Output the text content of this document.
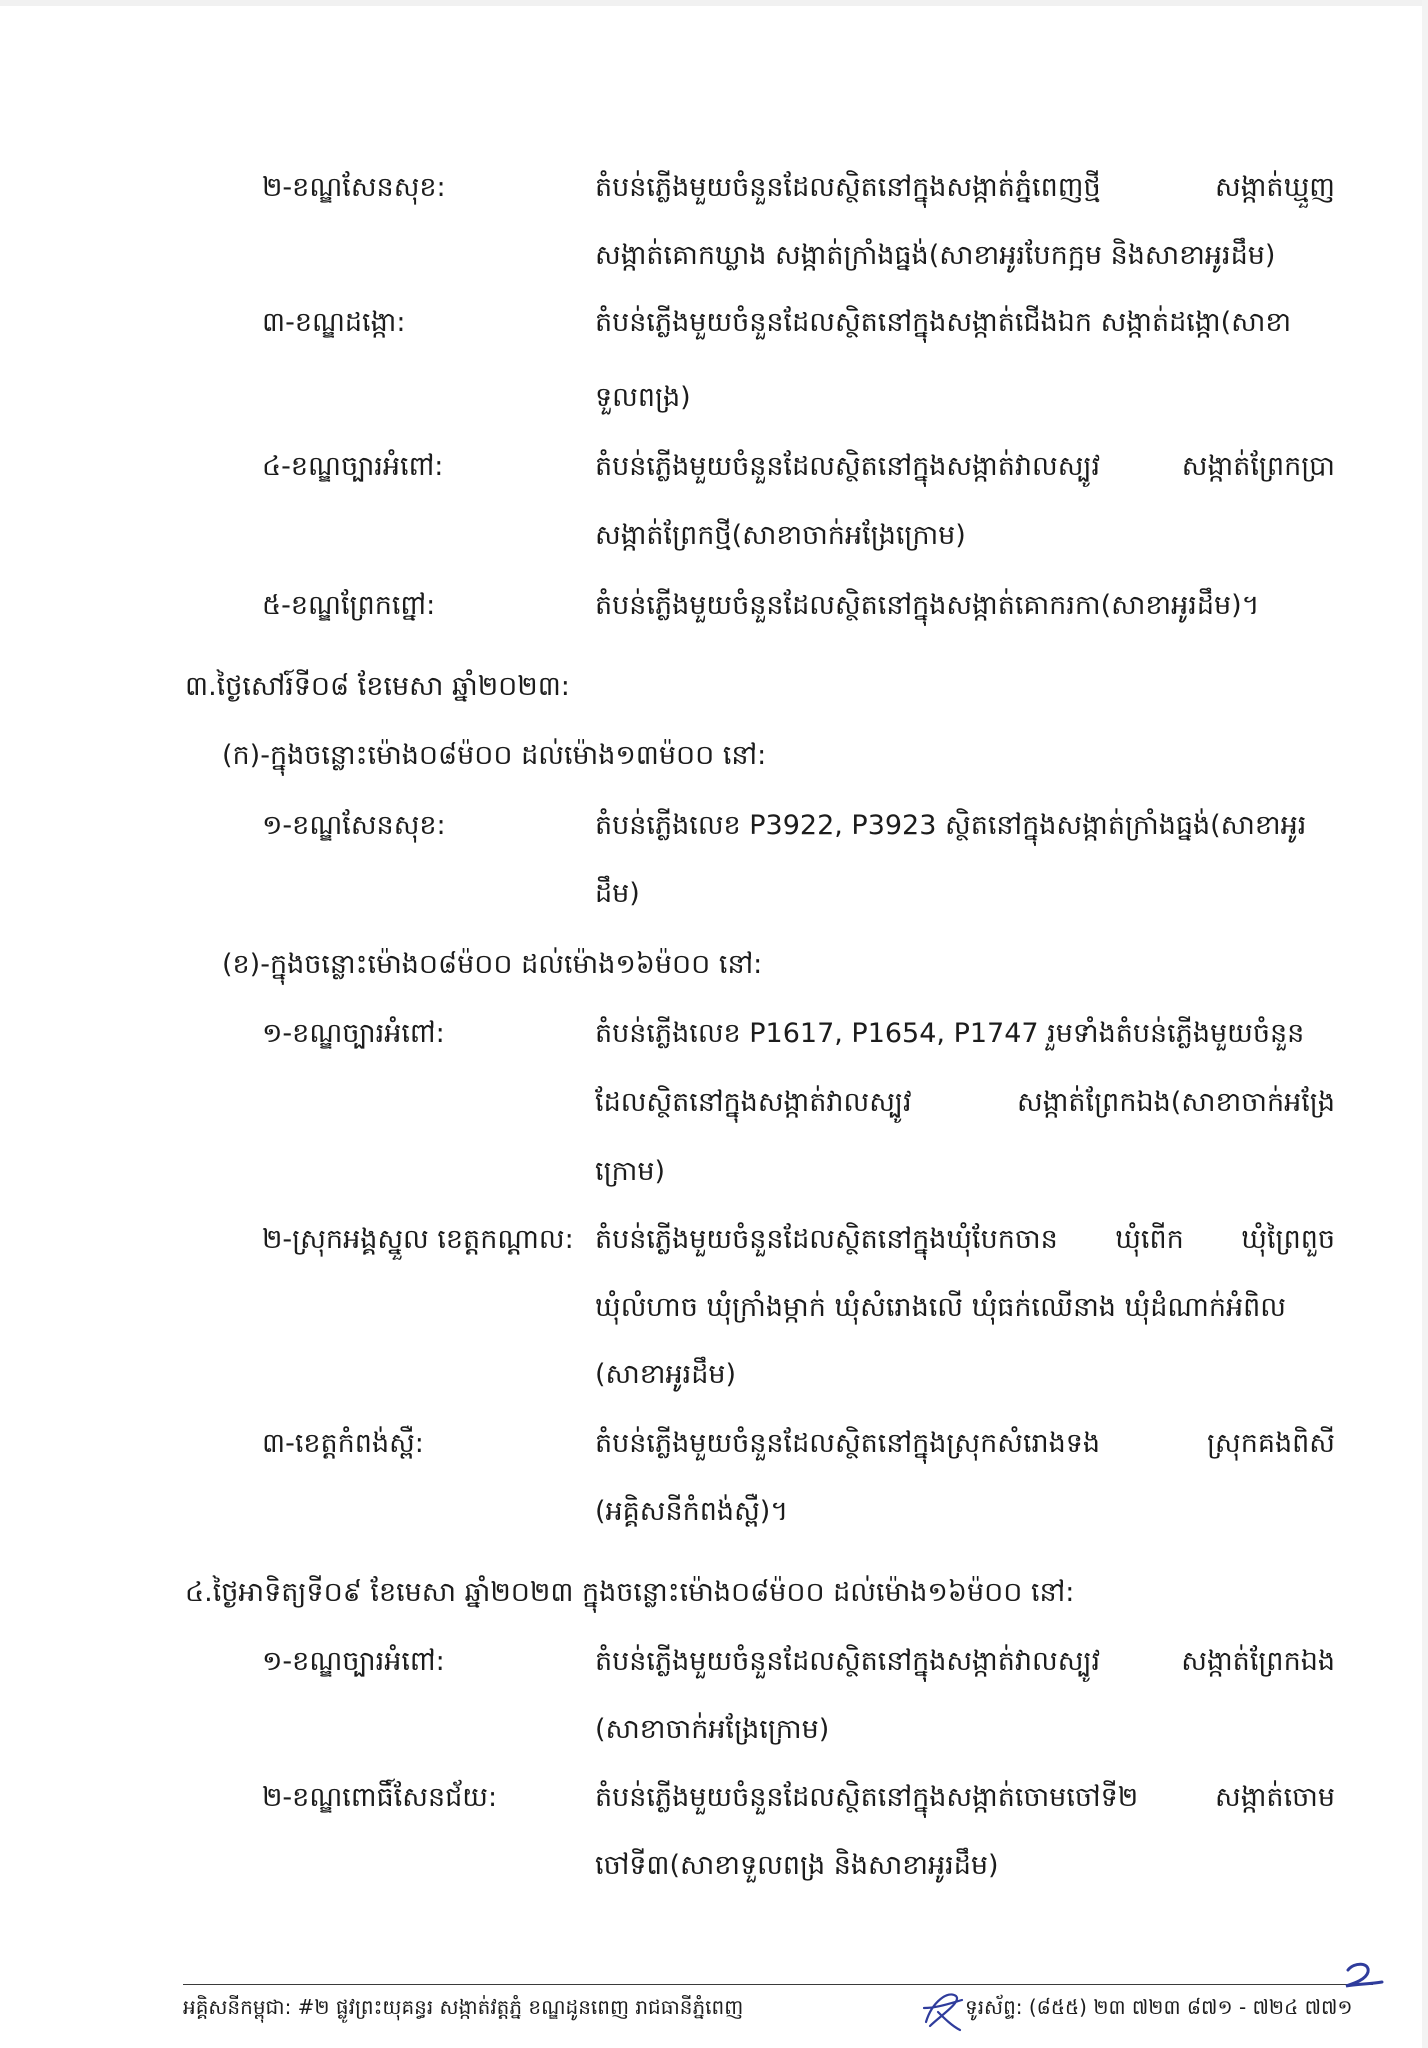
២-ខណ្ឌសែនសុខ:	តំបន់ភ្លើងមួយចំនួនដែលស្ថិតនៅក្នុងសង្កាត់ភ្នំពេញថ្មី	សង្កាត់ឃ្មួញ
សង្កាត់គោកឃ្លាង សង្កាត់ក្រាំងធ្នង់(សាខាអូរបែកក្អម និងសាខាអូរដឹម)
៣-ខណ្ឌដង្កោ:	តំបន់ភ្លើងមួយចំនួនដែលស្ថិតនៅក្នុងសង្កាត់ជើងឯក សង្កាត់ដង្កោ(សាខា
ទួលពង្រ)
៤-ខណ្ឌច្បារអំពៅ:	តំបន់ភ្លើងមួយចំនួនដែលស្ថិតនៅក្នុងសង្កាត់វាលស្បូវ	សង្កាត់ព្រែកប្រា
សង្កាត់ព្រែកថ្មី(សាខាចាក់អង្រែក្រោម)
៥-ខណ្ឌព្រែកព្នៅ:	តំបន់ភ្លើងមួយចំនួនដែលស្ថិតនៅក្នុងសង្កាត់គោករកា(សាខាអូរដឹម)។
៣.ថ្ងៃសៅរ៍ទី០៨ ខែមេសា ឆ្នាំ២០២៣:
(ក)-ក្នុងចន្លោះម៉ោង០៨ម៉០០ ដល់ម៉ោង១៣ម៉០០ នៅ:
១-ខណ្ឌសែនសុខ:	តំបន់ភ្លើងលេខ P3922, P3923 ស្ថិតនៅក្នុងសង្កាត់ក្រាំងធ្នង់(សាខាអូរ
ដឹម)
(ខ)-ក្នុងចន្លោះម៉ោង០៨ម៉០០ ដល់ម៉ោង១៦ម៉០០ នៅ:
១-ខណ្ឌច្បារអំពៅ:	តំបន់ភ្លើងលេខ P1617, P1654, P1747 រួមទាំងតំបន់ភ្លើងមួយចំនួន
ដែលស្ថិតនៅក្នុងសង្កាត់វាលស្បូវ	សង្កាត់ព្រែកឯង(សាខាចាក់អង្រែ
ក្រោម)
២-ស្រុកអង្គស្នួល ខេត្តកណ្ដាល: តំបន់ភ្លើងមួយចំនួនដែលស្ថិតនៅក្នុងឃុំបែកចាន ឃុំពើក ឃុំព្រៃពួច
ឃុំលំហាច ឃុំក្រាំងម្កាក់ ឃុំសំរោងលើ ឃុំធក់ឈើនាង ឃុំដំណាក់អំពិល
(សាខាអូរដឹម)
៣-ខេត្តកំពង់ស្ពឺ:	តំបន់ភ្លើងមួយចំនួនដែលស្ថិតនៅក្នុងស្រុកសំរោងទង	ស្រុកគងពិសី
(អគ្គិសនីកំពង់ស្ពឺ)។
៤.ថ្ងៃអាទិត្យទី០៩ ខែមេសា ឆ្នាំ២០២៣ ក្នុងចន្លោះម៉ោង០៨ម៉០០ ដល់ម៉ោង១៦ម៉០០ នៅ:
១-ខណ្ឌច្បារអំពៅ:	តំបន់ភ្លើងមួយចំនួនដែលស្ថិតនៅក្នុងសង្កាត់វាលស្បូវ	សង្កាត់ព្រែកឯង
(សាខាចាក់អង្រែក្រោម)
២-ខណ្ឌពោធិ៍សែនជ័យ:	តំបន់ភ្លើងមួយចំនួនដែលស្ថិតនៅក្នុងសង្កាត់ចោមចៅទី២	សង្កាត់ចោម
ចៅទី៣(សាខាទួលពង្រ និងសាខាអូរដឹម)
អគ្គិសនីកម្ពុជា: #២ ផ្លូវព្រះយុគន្ធរ សង្កាត់វត្តភ្នំ ខណ្ឌដូនពេញ រាជធានីភ្នំពេញ	ទូរស័ព្ទ: (៨៥៥) ២៣ ៧២៣ ៨៧១ - ៧២៤ ៧៧១
